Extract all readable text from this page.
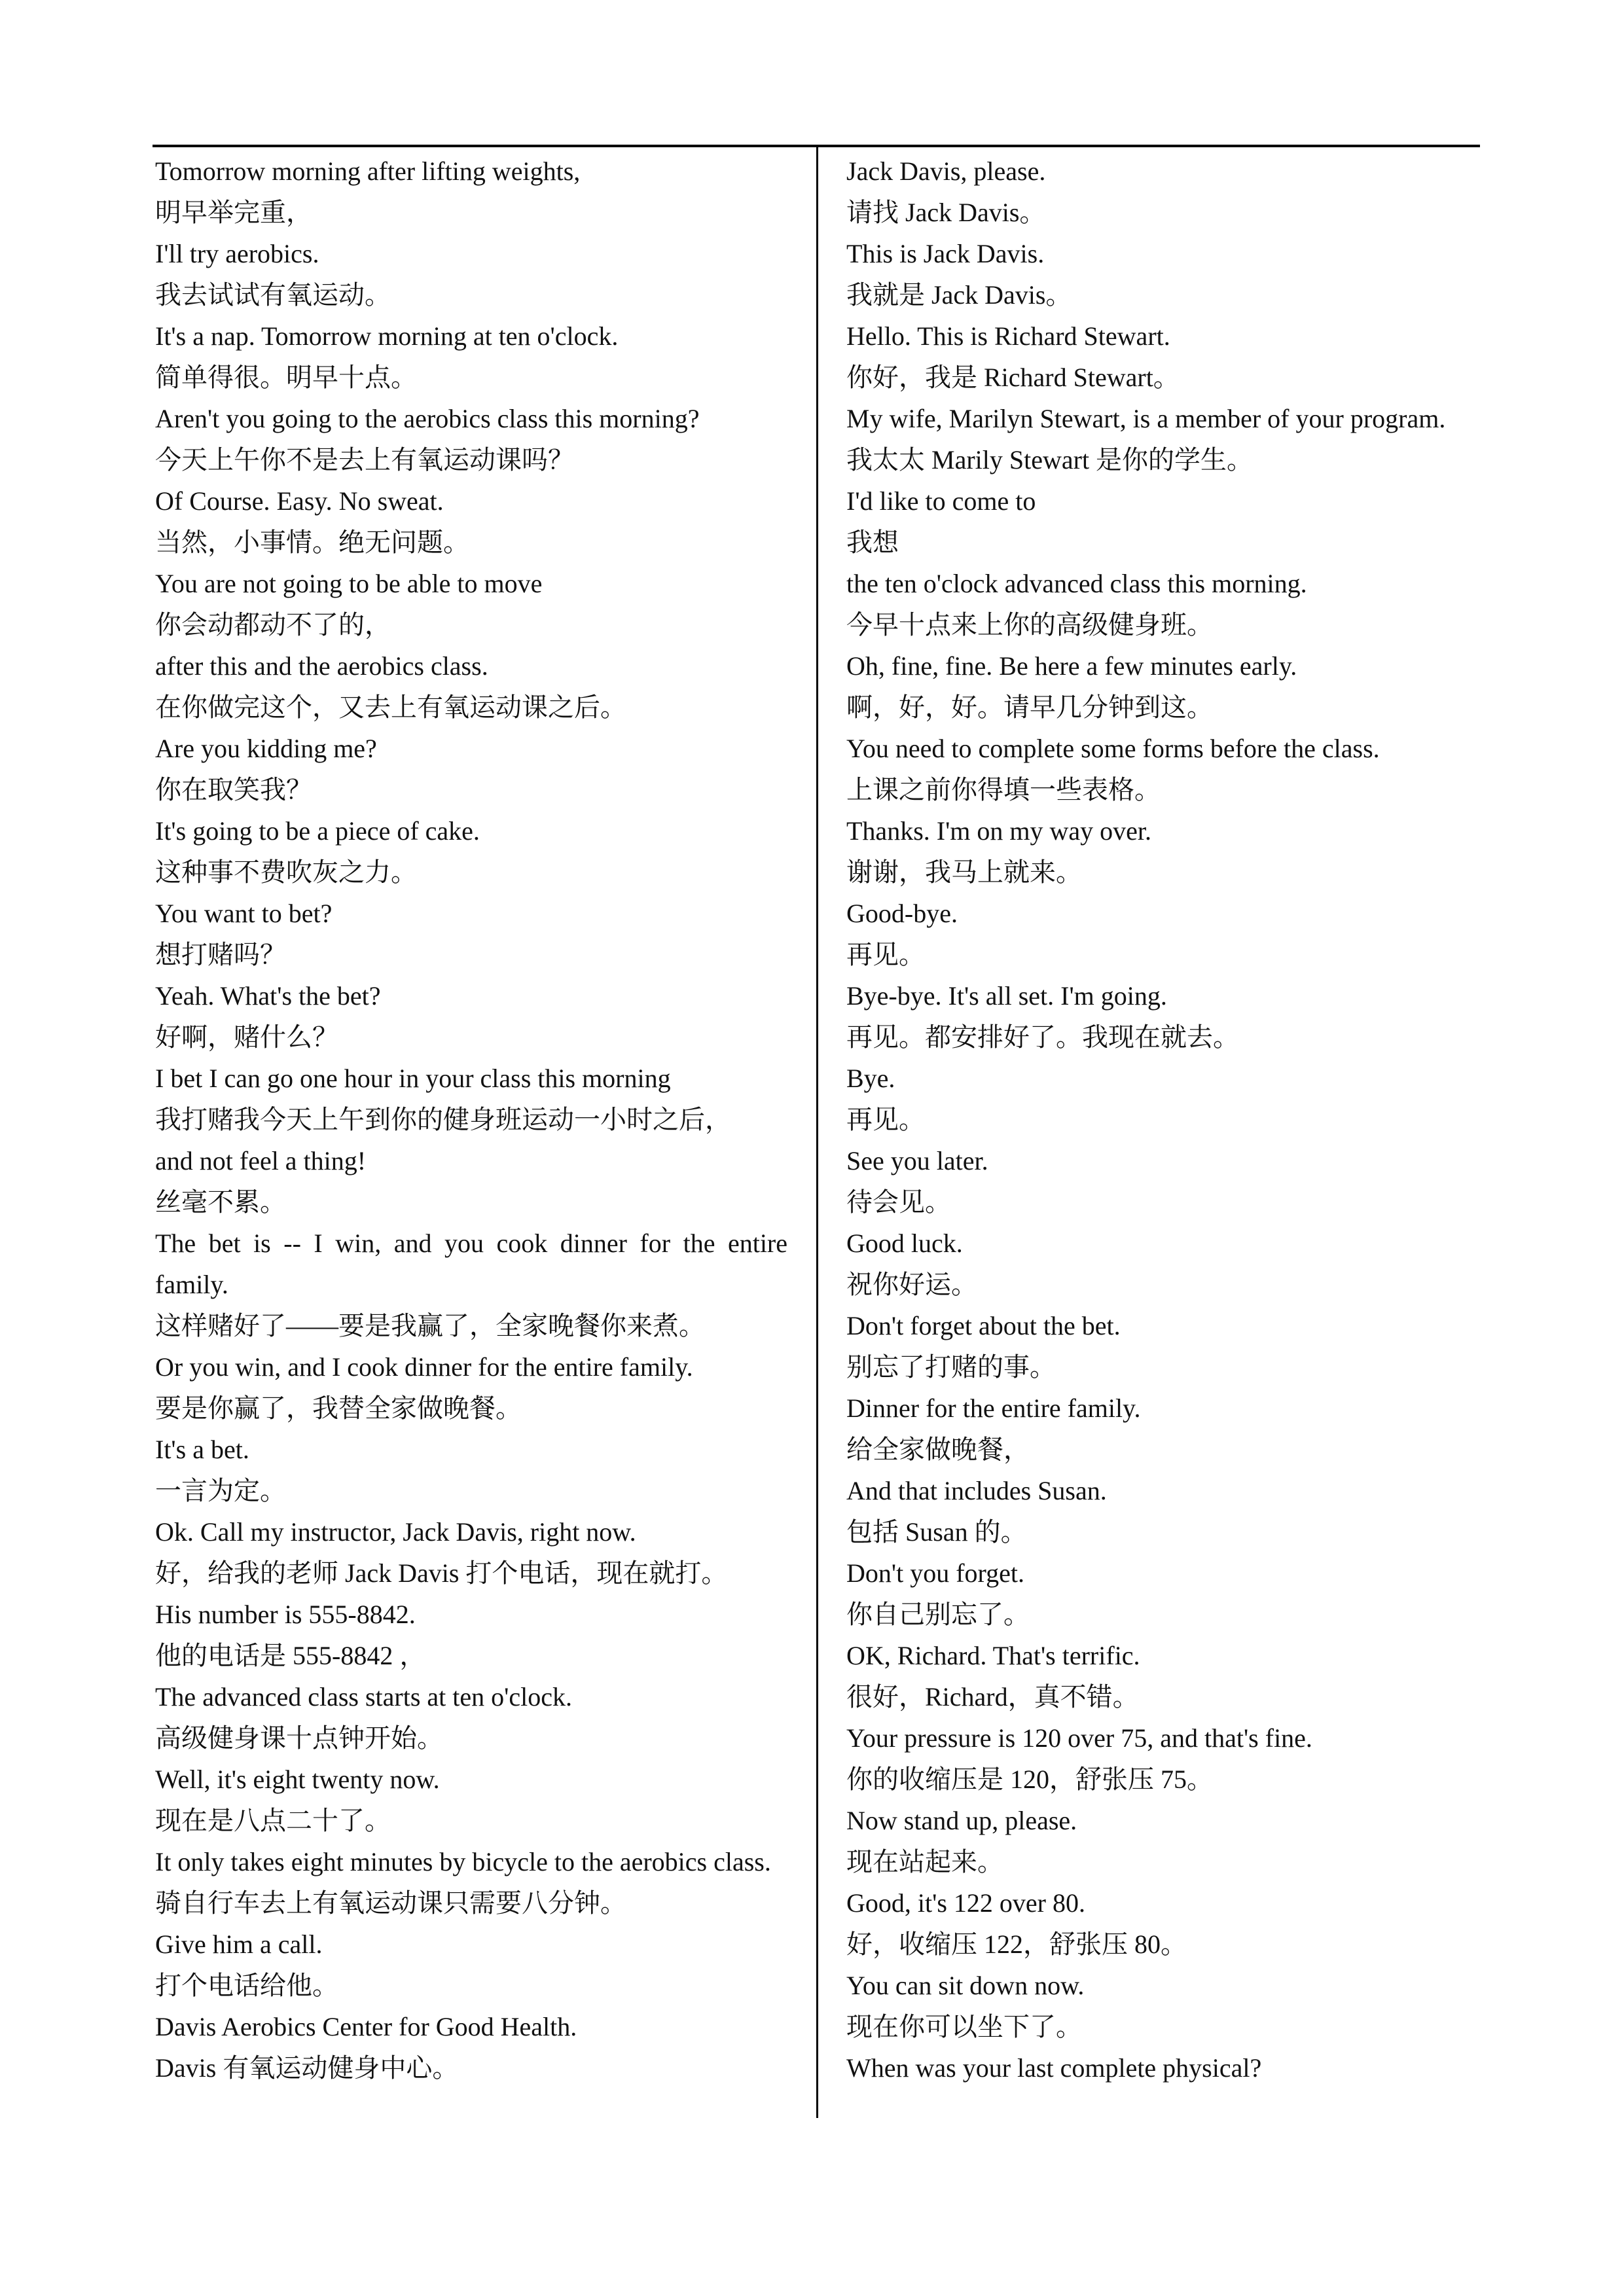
Tomorrow morning after lifting weights,
明早举完重，
I'll try aerobics.
我去试试有氧运动。
It's a nap. Tomorrow morning at ten o'clock.
简单得很。明早十点。
Aren't you going to the aerobics class this morning?
今天上午你不是去上有氧运动课吗？
Of Course. Easy. No sweat.
当然，小事情。绝无问题。
You are not going to be able to move
你会动都动不了的，
after this and the aerobics class.
在你做完这个，又去上有氧运动课之后。
Are you kidding me?
你在取笑我？
It's going to be a piece of cake.
这种事不费吹灰之力。
You want to bet?
想打赌吗？
Yeah. What's the bet?
好啊，赌什么？
I bet I can go one hour in your class this morning
我打赌我今天上午到你的健身班运动一小时之后，
and not feel a thing!
丝毫不累。
The bet is -- I win, and you cook dinner for the entire family.
这样赌好了——要是我赢了，全家晚餐你来煮。
Or you win, and I cook dinner for the entire family.
要是你赢了，我替全家做晚餐。
It's a bet.
一言为定。
Ok. Call my instructor, Jack Davis, right now.
好，给我的老师 Jack Davis 打个电话，现在就打。
His number is 555-8842.
他的电话是 555-8842 ，
The advanced class starts at ten o'clock.
高级健身课十点钟开始。
Well, it's eight twenty now.
现在是八点二十了。
It only takes eight minutes by bicycle to the aerobics class.
骑自行车去上有氧运动课只需要八分钟。
Give him a call.
打个电话给他。
Davis Aerobics Center for Good Health.
Davis 有氧运动健身中心。
Jack Davis, please.
请找 Jack Davis。
This is Jack Davis.
我就是 Jack Davis。
Hello. This is Richard Stewart.
你好，我是 Richard Stewart。
My wife, Marilyn Stewart, is a member of your program.
我太太 Marily Stewart 是你的学生。
I'd like to come to
我想
the ten o'clock advanced class this morning.
今早十点来上你的高级健身班。
Oh, fine, fine. Be here a few minutes early.
啊，好，好。请早几分钟到这。
You need to complete some forms before the class.
上课之前你得填一些表格。
Thanks. I'm on my way over.
谢谢，我马上就来。
Good-bye.
再见。
Bye-bye. It's all set. I'm going.
再见。都安排好了。我现在就去。
Bye.
再见。
See you later.
待会见。
Good luck.
祝你好运。
Don't forget about the bet.
别忘了打赌的事。
Dinner for the entire family.
给全家做晚餐，
And that includes Susan.
包括 Susan 的。
Don't you forget.
你自己别忘了。
OK, Richard. That's terrific.
很好，Richard，真不错。
Your pressure is 120 over 75, and that's fine.
你的收缩压是 120，舒张压 75。
Now stand up, please.
现在站起来。
Good, it's 122 over 80.
好，收缩压 122，舒张压 80。
You can sit down now.
现在你可以坐下了。
When was your last complete physical?
